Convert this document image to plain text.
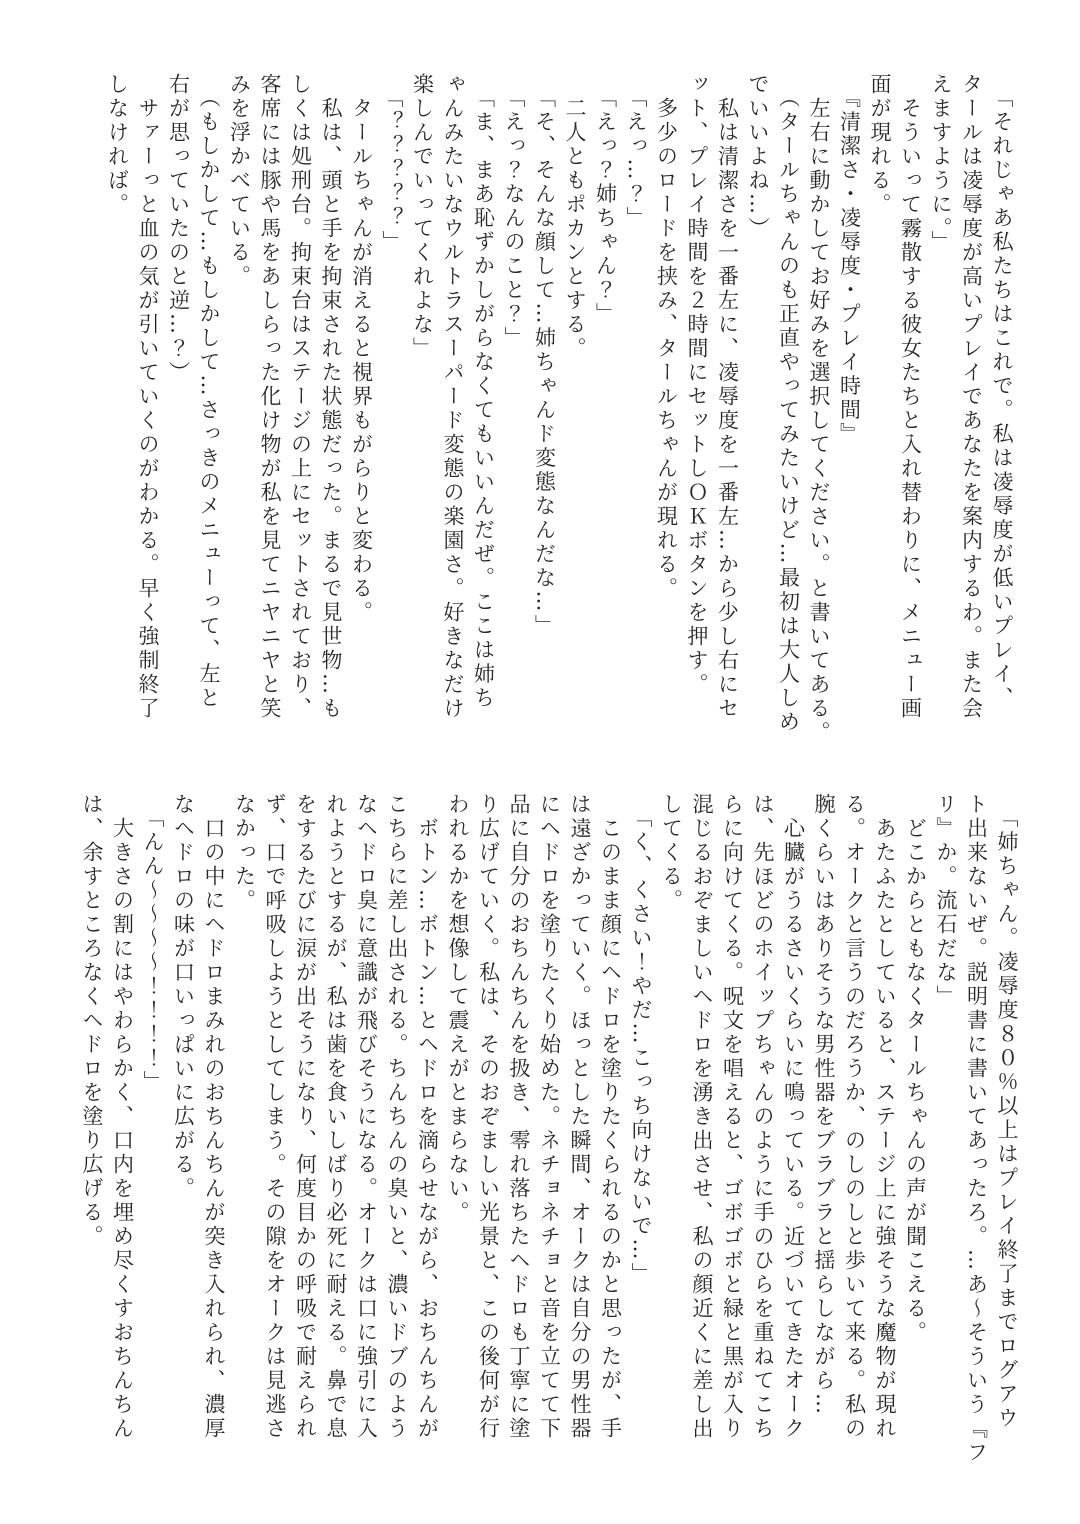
　「それじゃあ私たちはこれで。私は凌辱度が低いプレイ、
タールは凌辱度が高いプレイであなたを案内するわ。また会
えますように。」
　そういって霧散する彼女たちと入れ替わりに、メニュー画
面が現れる。
　『清潔さ・凌辱度・プレイ時間』
　左右に動かしてお好みを選択してください。と書いてある。
　（タールちゃんのも正直やってみたいけど…最初は大人しめ
でいいよね…）
　私は清潔さを一番左に、凌辱度を一番左…から少し右にセ
ット、プレイ時間を２時間にセットしＯＫボタンを押す。
　多少のロードを挟み、タールちゃんが現れる。
　「えっ…？」
　「えっ？姉ちゃん？」
　二人ともポカンとする。
　「そ、そんな顔して…姉ちゃんド変態なんだな…」
　「えっ？なんのこと？」
　「ま、まあ恥ずかしがらなくてもいいんだぜ。ここは姉ち
ゃんみたいなウルトラスーパード変態の楽園さ。好きなだけ
楽しんでいってくれよな」
　「？？？？？」
　タールちゃんが消えると視界もがらりと変わる。
　私は、頭と手を拘束された状態だった。まるで見世物…も
しくは処刑台。拘束台はステージの上にセットされており、
客席には豚や馬をあしらった化け物が私を見てニヤニヤと笑
みを浮かべている。
　（もしかして…もしかして…さっきのメニューって、左と
右が思っていたのと逆…？）
　サァーっと血の気が引いていくのがわかる。早く強制終了
しなければ。
　「姉ちゃん。凌辱度８０％以上はプレイ終了までログアウ
ト出来ないぜ。説明書に書いてあったろ。…あ～そういう『フ
リ』か。流石だな」
　どこからともなくタールちゃんの声が聞こえる。
　あたふたとしていると、ステージ上に強そうな魔物が現れ
る。オークと言うのだろうか、のしのしと歩いて来る。私の
腕くらいはありそうな男性器をブラブラと揺らしながら…
　心臓がうるさいくらいに鳴っている。近づいてきたオーク
は、先ほどのホイップちゃんのように手のひらを重ねてこち
らに向けてくる。呪文を唱えると、ゴボゴボと緑と黒が入り
混じるおぞましいヘドロを湧き出させ、私の顔近くに差し出
してくる。
　「く、くさい！やだ…こっち向けないで…」
　このまま顔にヘドロを塗りたくられるのかと思ったが、手
は遠ざかっていく。ほっとした瞬間、オークは自分の男性器
にヘドロを塗りたくり始めた。ネチョネチョと音を立てて下
品に自分のおちんちんを扱き、零れ落ちたヘドロも丁寧に塗
り広げていく。私は、そのおぞましい光景と、この後何が行
われるかを想像して震えがとまらない。
　ボトン…ボトン…とヘドロを滴らせながら、おちんちんが
こちらに差し出される。ちんちんの臭いと、濃いドブのよう
なヘドロ臭に意識が飛びそうになる。オークは口に強引に入
れようとするが、私は歯を食いしばり必死に耐える。鼻で息
をするたびに涙が出そうになり、何度目かの呼吸で耐えられ
ず、口で呼吸しようとしてしまう。その隙をオークは見逃さ
なかった。
　口の中にヘドロまみれのおちんちんが突き入れられ、濃厚
なヘドロの味が口いっぱいに広がる。
　「んん～～～～！！！！」
　大きさの割にはやわらかく、口内を埋め尽くすおちんちん
は、余すところなくヘドロを塗り広げる。
